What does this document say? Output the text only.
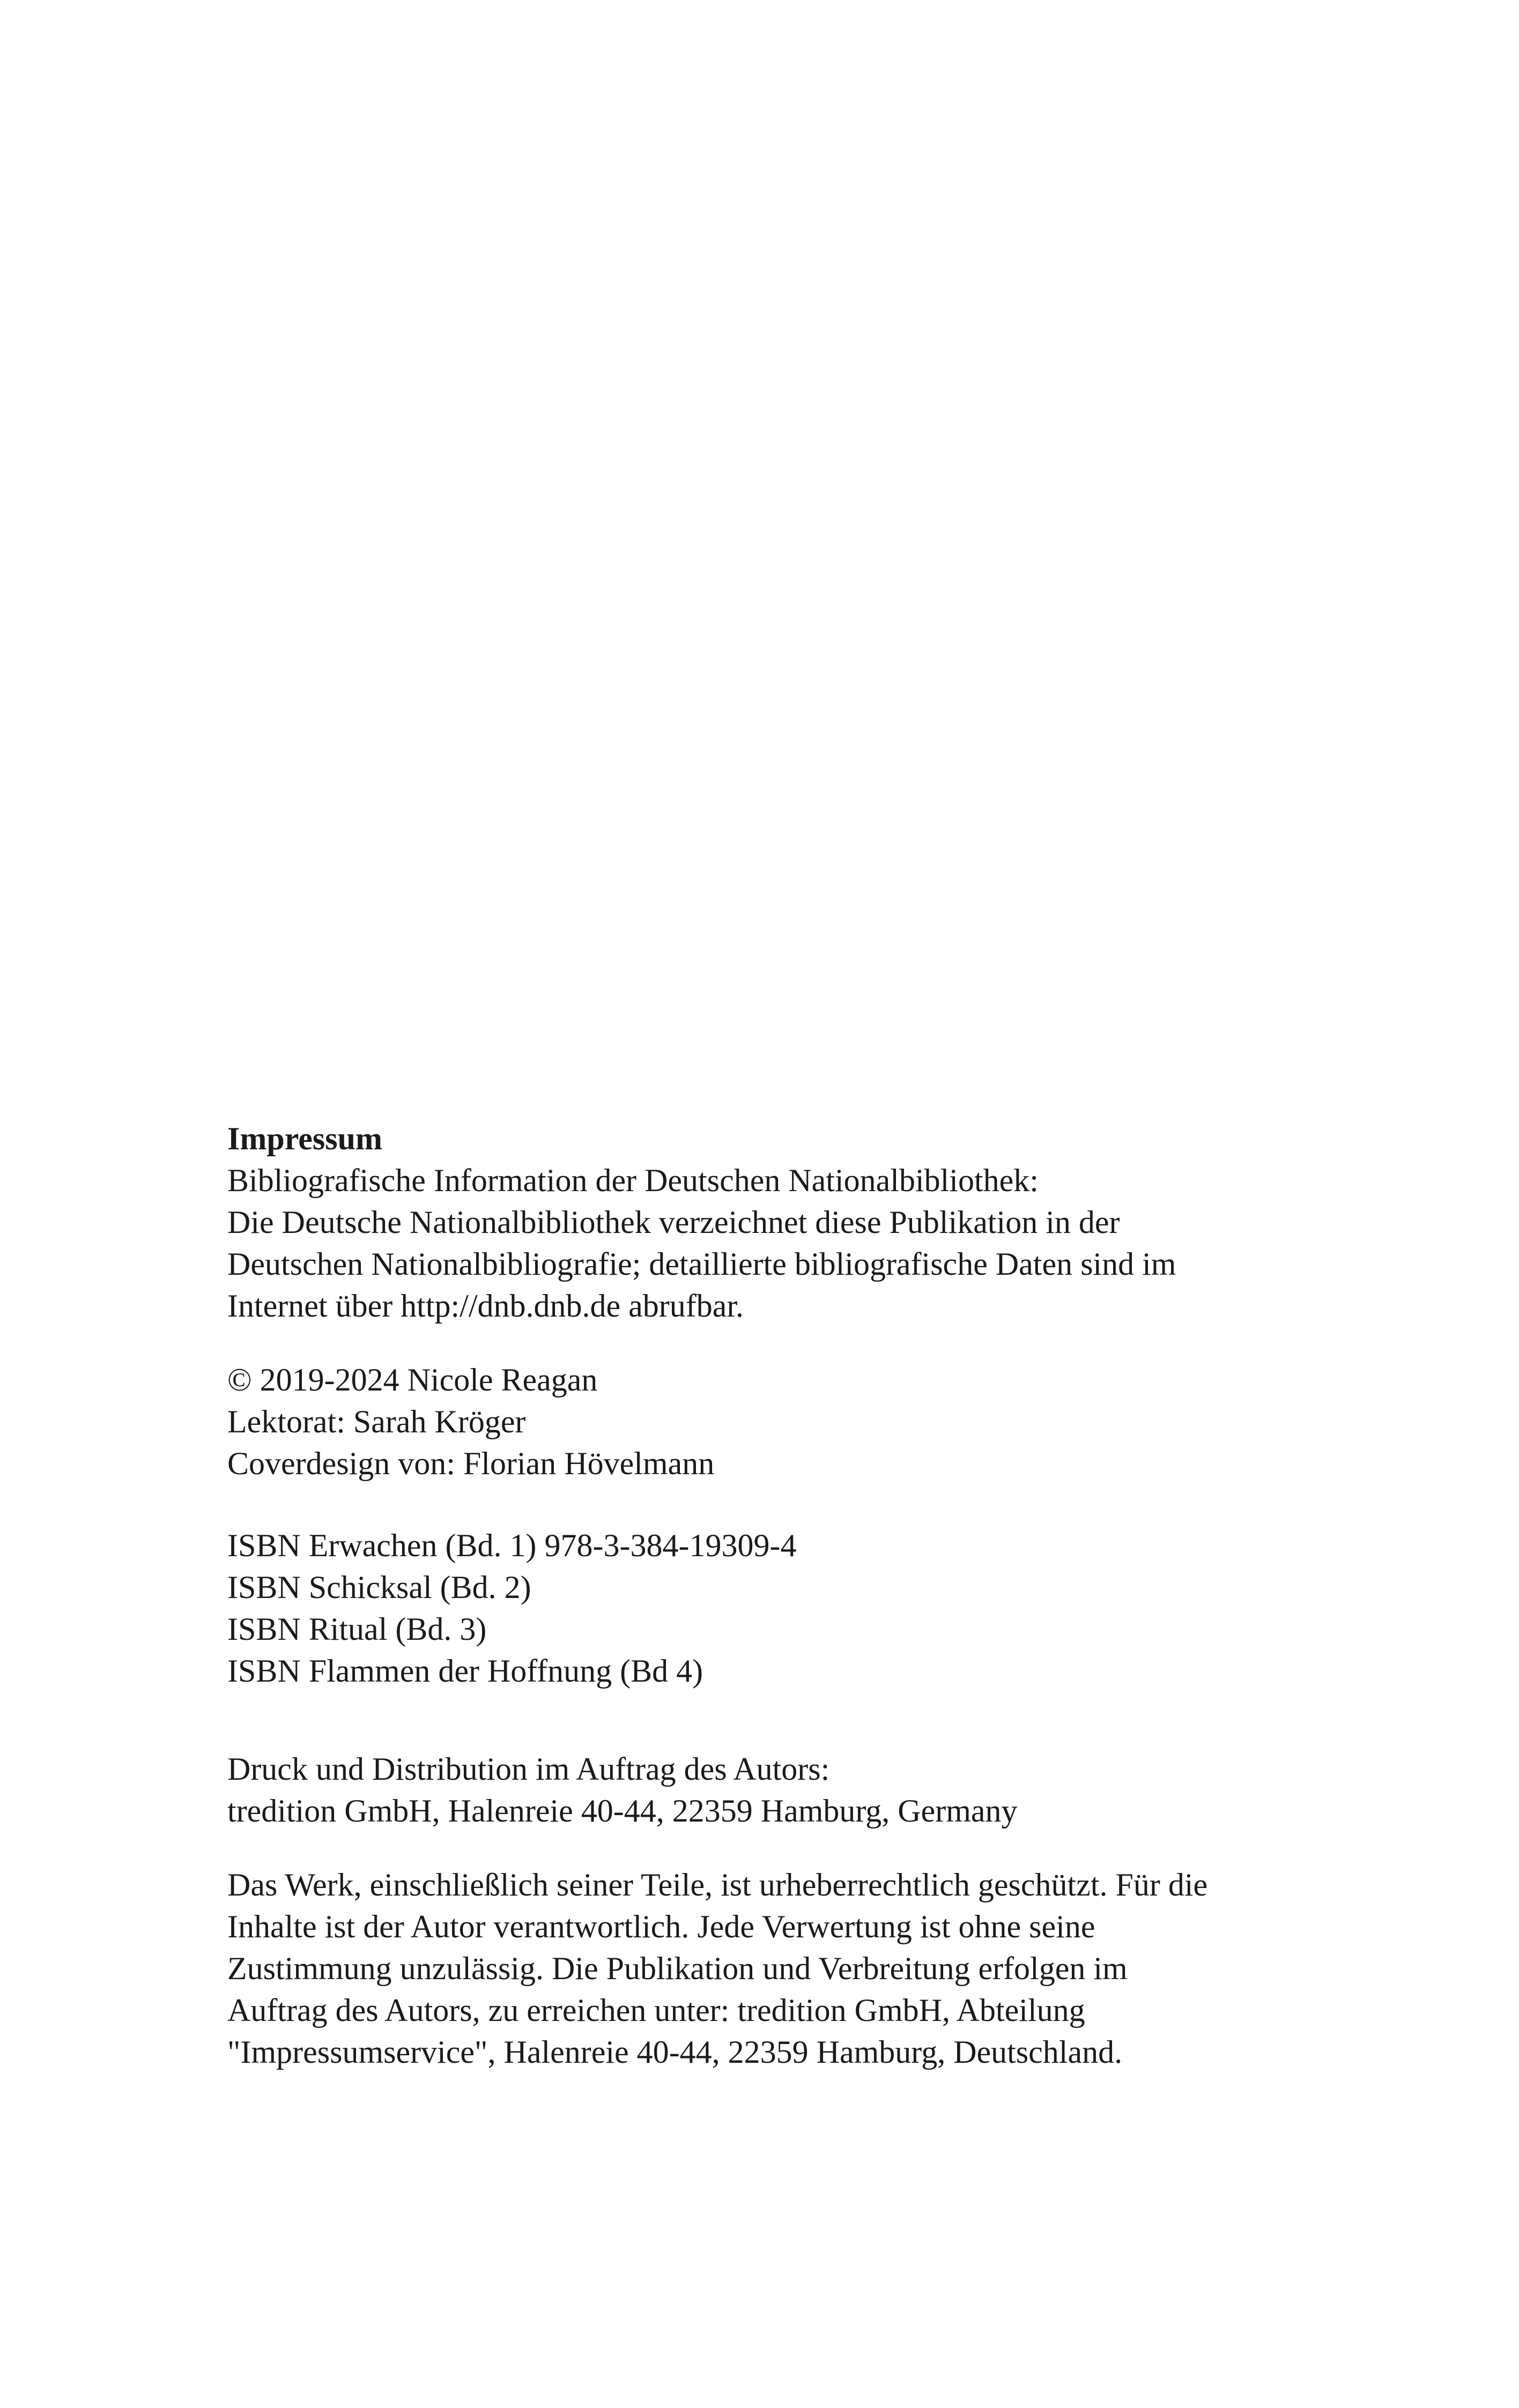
Impressum

Bibliografische Information der Deutschen Nationalbibliothek:

Die Deutsche Nationalbibliothek verzeichnet diese Publikation in der

Deutschen Nationalbibliografie; detaillierte bibliografische Daten sind im

Internet über http://dnb.dnb.de abrufbar.

© 2019-2024 Nicole Reagan

Lektorat: Sarah Kröger

Coverdesign von: Florian Hövelmann

ISBN Erwachen (Bd. 1) 978-3-384-19309-4

ISBN Schicksal (Bd. 2)

ISBN Ritual (Bd. 3)

ISBN Flammen der Hoffnung (Bd 4)

Druck und Distribution im Auftrag des Autors:

tredition GmbH, Halenreie 40-44, 22359 Hamburg, Germany

Das Werk, einschließlich seiner Teile, ist urheberrechtlich geschützt. Für die

Inhalte ist der Autor verantwortlich. Jede Verwertung ist ohne seine

Zustimmung unzulässig. Die Publikation und Verbreitung erfolgen im

Auftrag des Autors, zu erreichen unter: tredition GmbH, Abteilung

"Impressumservice", Halenreie 40-44, 22359 Hamburg, Deutschland.
